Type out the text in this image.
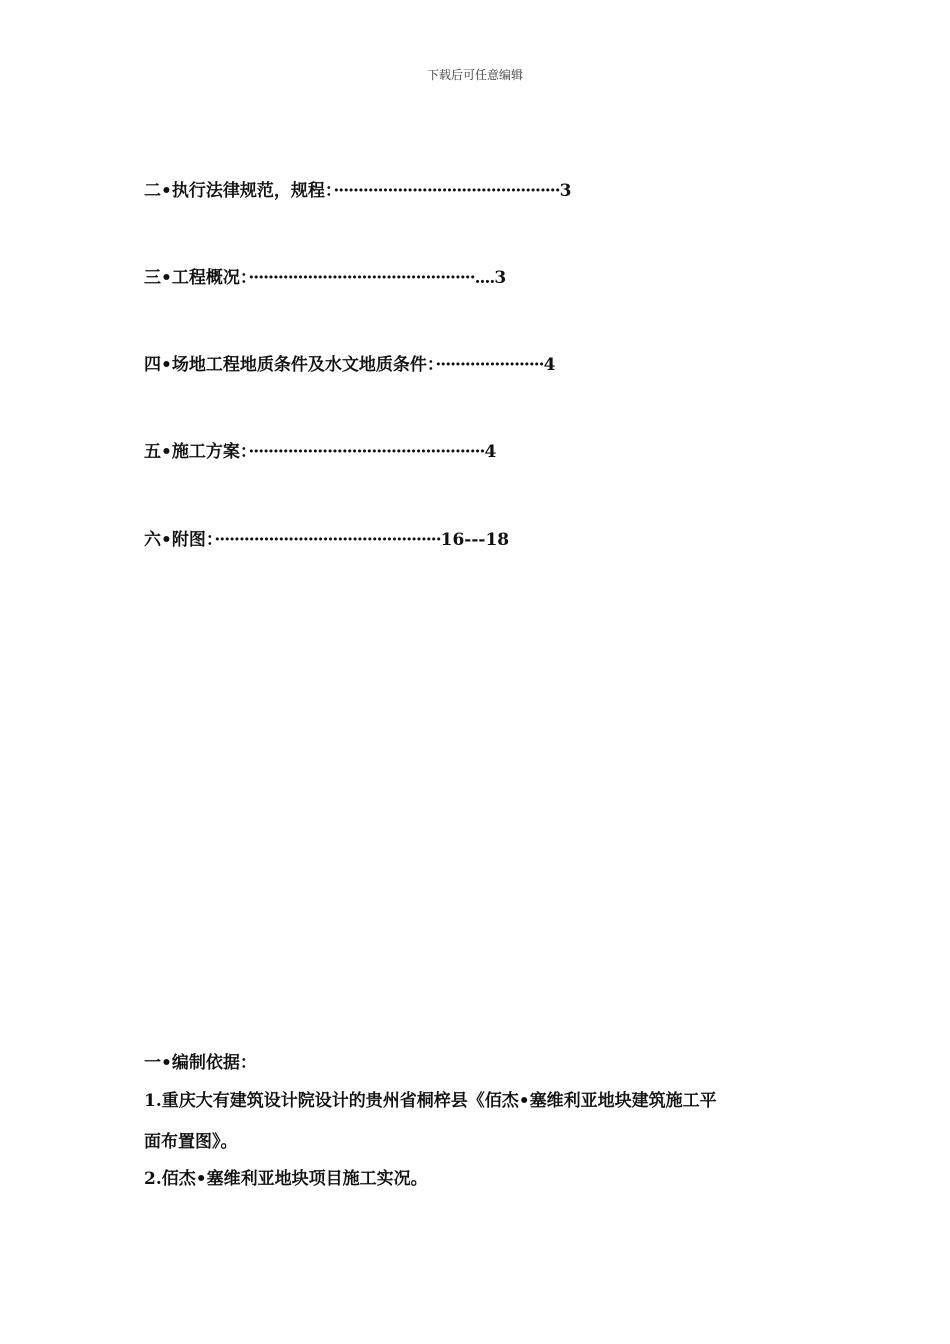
下载后可任意编辑
二•执行法律规范，规程：··············································3
三•工程概况：··············································....3
四•场地工程地质条件及水文地质条件：······················4
五•施工方案：················································4
六•附图：··············································16---18
一•编制依据：
1.重庆大有建筑设计院设计的贵州省桐梓县《佰杰•塞维利亚地块建筑施工平
面布置图》。
2.佰杰•塞维利亚地块项目施工实况。
